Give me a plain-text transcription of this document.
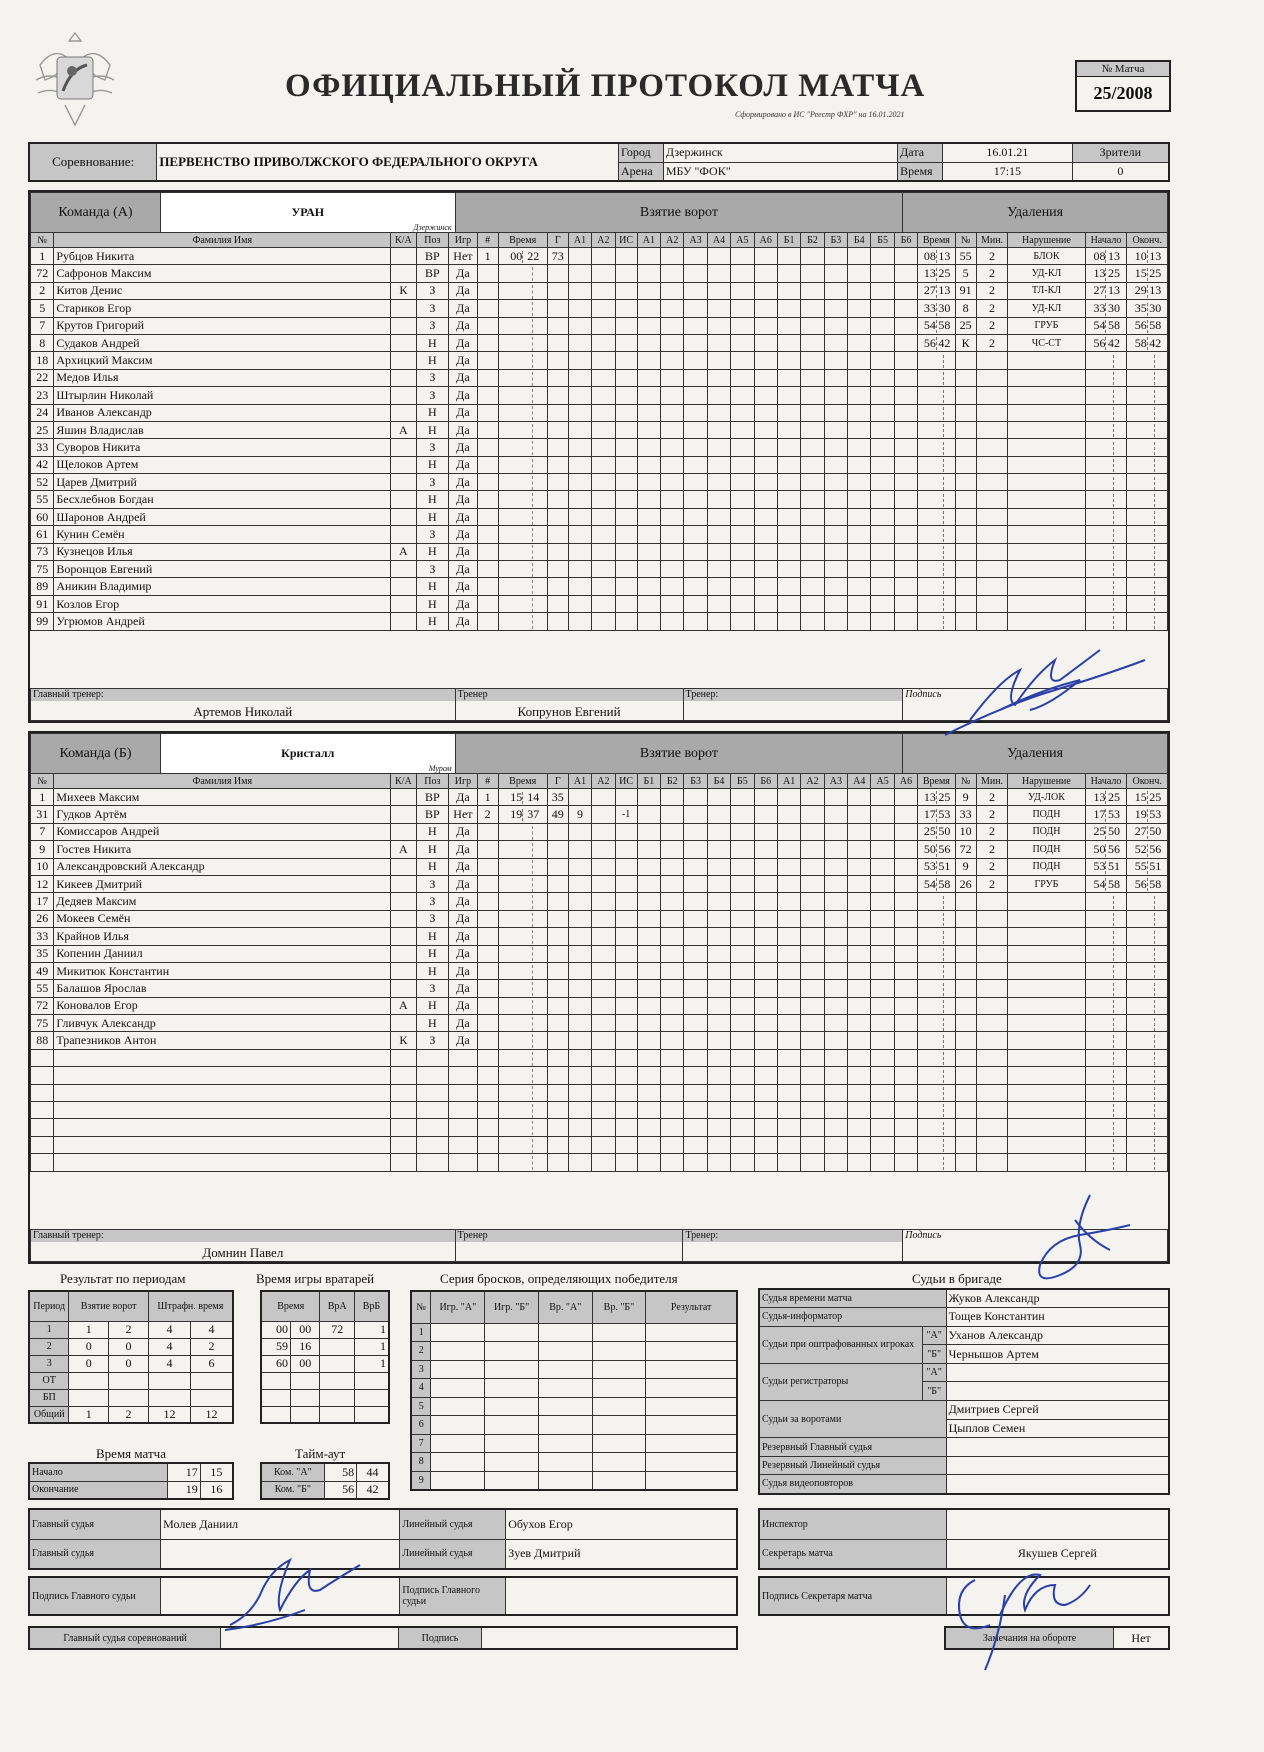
ОФИЦИАЛЬНЫЙ ПРОТОКОЛ МАТЧА
Сформировано в ИС "Реестр ФХР" на 16.01.2021
№ Матча
25/2008
Соревнование:	ПЕРВЕНСТВО ПРИВОЛЖСКОГО ФЕДЕРАЛЬНОГО ОКРУГА	Город	Дзержинск	Дата	16.01.21	Зрители
		Арена	МБУ "ФОК"	Время	17:15	0
Команда (А)	УРАН
Дзержинск
	Взятие ворот	Удаления
№	Фамилия Имя	К/А	Поз	Игр	#	Время	Г	А1	А2	ИС	А1	А2	А3	А4	А5	А6	Б1	Б2	Б3	Б4	Б5	Б6	Время	№	Мин.	Нарушение	Начало	Оконч.
1	Рубцов Никита		ВР	Нет	1	00 22	73																08 13	55	2	БЛОК	08 13	10 13
72	Сафронов Максим		ВР	Да																			13 25	5	2	УД-КЛ	13 25	15 25
2	Китов Денис	К	З	Да																			27 13	91	2	ТЛ-КЛ	27 13	29 13
5	Стариков Егор		З	Да																			33 30	8	2	УД-КЛ	33 30	35 30
7	Крутов Григорий		З	Да																			54 58	25	2	ГРУБ	54 58	56 58
8	Судаков Андрей		Н	Да																			56 42	К	2	ЧС-СТ	56 42	58 42
18	Архицкий Максим		Н	Да																								
22	Медов Илья		З	Да																								
23	Штырлин Николай		З	Да																								
24	Иванов Александр		Н	Да																								
25	Яшин Владислав	А	Н	Да																								
33	Суворов Никита		З	Да																								
42	Щелоков Артем		Н	Да																								
52	Царев Дмитрий		З	Да																								
55	Бесхлебнов Богдан		Н	Да																								
60	Шаронов Андрей		Н	Да																								
61	Кунин Семён		З	Да																								
73	Кузнецов Илья	А	Н	Да																								
75	Воронцов Евгений		З	Да																								
89	Аникин Владимир		Н	Да																								
91	Козлов Егор		Н	Да																								
99	Угрюмов Андрей		Н	Да																								
Главный тренер:
Артемов Николай

Тренер
Копрунов Евгений

Тренер:	Подпись
Команда (Б)	Кристалл
Муром
	Взятие ворот	Удаления
№	Фамилия Имя	К/А	Поз	Игр	#	Время	Г	А1	А2	ИС	Б1	Б2	Б3	Б4	Б5	Б6	А1	А2	А3	А4	А5	А6	Время	№	Мин.	Нарушение	Начало	Оконч.
1	Михеев Максим		ВР	Да	1	15 14	35																13 25	9	2	УД-ЛОК	13 25	15 25
31	Гудков Артём		ВР	Нет	2	19 37	49	9		-1													17 53	33	2	ПОДН	17 53	19 53
7	Комиссаров Андрей		Н	Да																			25 50	10	2	ПОДН	25 50	27 50
9	Гостев Никита	А	Н	Да																			50 56	72	2	ПОДН	50 56	52 56
10	Александровский Александр		Н	Да																			53 51	9	2	ПОДН	53 51	55 51
12	Кикеев Дмитрий		З	Да																			54 58	26	2	ГРУБ	54 58	56 58
17	Дедяев Максим		З	Да																								
26	Мокеев Семён		З	Да																								
33	Крайнов Илья		Н	Да																								
35	Копенин Даниил		Н	Да																								
49	Микитюк Константин		Н	Да																								
55	Балашов Ярослав		З	Да																								
72	Коновалов Егор	А	Н	Да																								
75	Гливчук Александр		Н	Да																								
88	Трапезников Антон	К	З	Да																								

Главный тренер:
Домнин Павел

Тренер	Тренер:	Подпись
Результат по периодам
Период	Взятие ворот		Штрафн. время	
1	1	2	4	4
2	0	0	4	2
3	0	0	4	6
ОТ				
БП				
Общий	1	2	12	12
Время игры вратарей
Время		ВрА	ВрБ
00	00	72	1
59	16		1
60	00		1

Время матча
Начало	17	15
Окончание	19	16
Тайм-аут
Ком. "А"	58	44
Ком. "Б"	56	42
Серия бросков, определяющих победителя
№	Игр. "А"	Игр. "Б"	Вр. "А"	Вр. "Б"	Результат
1					
2					
3					
4					
5					
6					
7					
8					
9					
Судьи в бригаде
Судья времени матча		Жуков Александр
Судья-информатор		Тощев Константин
Судьи при оштрафованных игроках	"А"	Уханов Александр
	"Б"	Чернышов Артем
Судьи регистраторы	"А"	
	"Б"	
Судьи за воротами		Дмитриев Сергей
		Цыплов Семен
Резервный Главный судья		
Резервный Линейный судья		
Судья видеоповторов		
Главный судья	Молев Даниил	Линейный судья	Обухов Егор
Главный судья		Линейный судья	Зуев Дмитрий
Подпись Главного судьи		Подпись Главного судьи	
Инспектор	
Секретарь матча	Якушев Сергей
Подпись Секретаря матча	
Главный судья соревнований		Подпись		Замечания на обороте	Нет
